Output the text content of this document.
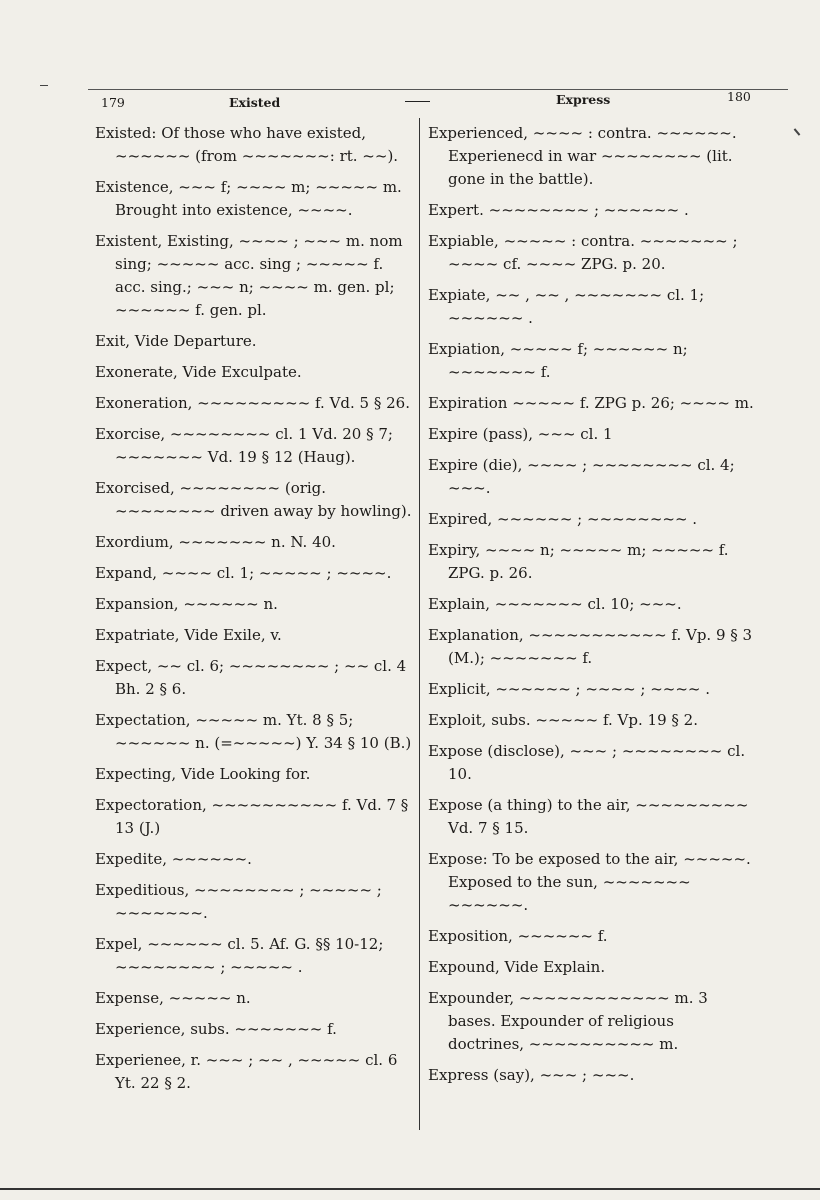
179	Existed	Express	180

Existed: Of those who have existed, ~~~~~~ (from ~~~~~~~: rt. ~~).

Existence, ~~~ f; ~~~~ m; ~~~~~ m. Brought into existence, ~~~~.

Existent, Existing, ~~~~ ; ~~~ m. nom sing; ~~~~~ acc. sing ; ~~~~~ f. acc. sing.; ~~~ n; ~~~~ m. gen. pl; ~~~~~~ f. gen. pl.

Exit, Vide Departure.

Exonerate, Vide Exculpate.

Exoneration, ~~~~~~~~~ f. Vd. 5 § 26.

Exorcise, ~~~~~~~~ cl. 1 Vd. 20 § 7; ~~~~~~~ Vd. 19 § 12 (Haug).

Exorcised, ~~~~~~~~ (orig. ~~~~~~~~ driven away by howling).

Exordium, ~~~~~~~ n. N. 40.

Expand, ~~~~ cl. 1; ~~~~~ ; ~~~~.

Expansion, ~~~~~~ n.

Expatriate, Vide Exile, v.

Expect, ~~ cl. 6; ~~~~~~~~ ; ~~ cl. 4 Bh. 2 § 6.

Expectation, ~~~~~ m. Yt. 8 § 5; ~~~~~~ n. (=~~~~~) Y. 34 § 10 (B.)

Expecting, Vide Looking for.

Expectoration, ~~~~~~~~~~ f. Vd. 7 § 13 (J.)

Expedite, ~~~~~~.

Expeditious, ~~~~~~~~ ; ~~~~~ ; ~~~~~~~.

Expel, ~~~~~~ cl. 5. Af. G. §§ 10-12; ~~~~~~~~ ; ~~~~~ .

Expense, ~~~~~ n.

Experience, subs. ~~~~~~~ f.

Experienee, r. ~~~ ; ~~ , ~~~~~ cl. 6 Yt. 22 § 2.

Experienced, ~~~~ : contra. ~~~~~~. Experienecd in war ~~~~~~~~ (lit. gone in the battle).

Expert. ~~~~~~~~ ; ~~~~~~ .

Expiable, ~~~~~ : contra. ~~~~~~~ ; ~~~~ cf. ~~~~ ZPG. p. 20.

Expiate, ~~ , ~~ , ~~~~~~~ cl. 1; ~~~~~~ .

Expiation, ~~~~~ f; ~~~~~~ n; ~~~~~~~ f.

Expiration ~~~~~ f. ZPG p. 26; ~~~~ m.

Expire (pass), ~~~ cl. 1

Expire (die), ~~~~ ; ~~~~~~~~ cl. 4; ~~~.

Expired, ~~~~~~ ; ~~~~~~~~ .

Expiry, ~~~~ n; ~~~~~ m; ~~~~~ f. ZPG. p. 26.

Explain, ~~~~~~~ cl. 10; ~~~.

Explanation, ~~~~~~~~~~~ f. Vp. 9 § 3 (M.); ~~~~~~~ f.

Explicit, ~~~~~~ ; ~~~~ ; ~~~~ .

Exploit, subs. ~~~~~ f. Vp. 19 § 2.

Expose (disclose), ~~~ ; ~~~~~~~~ cl. 10.

Expose (a thing) to the air, ~~~~~~~~~ Vd. 7 § 15.

Expose: To be exposed to the air, ~~~~~. Exposed to the sun, ~~~~~~~ ~~~~~~.

Exposition, ~~~~~~ f.

Expound, Vide Explain.

Expounder, ~~~~~~~~~~~~ m. 3 bases. Expounder of religious doctrines, ~~~~~~~~~~ m.

Express (say), ~~~ ; ~~~.
